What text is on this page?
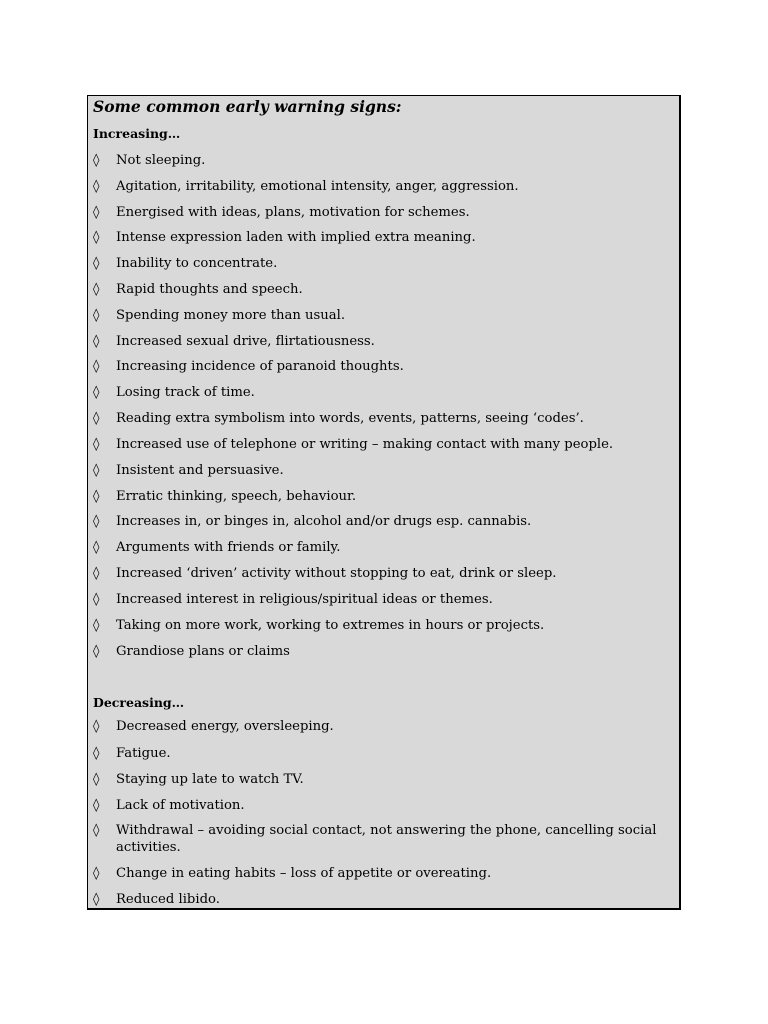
Some common early warning signs:
Increasing…
◊ Not sleeping.
◊ Agitation, irritability, emotional intensity, anger, aggression.
◊ Energised with ideas, plans, motivation for schemes.
◊ Intense expression laden with implied extra meaning.
◊ Inability to concentrate.
◊ Rapid thoughts and speech.
◊ Spending money more than usual.
◊ Increased sexual drive, flirtatiousness.
◊ Increasing incidence of paranoid thoughts.
◊ Losing track of time.
◊ Reading extra symbolism into words, events, patterns, seeing ‘codes’.
◊ Increased use of telephone or writing – making contact with many people.
◊ Insistent and persuasive.
◊ Erratic thinking, speech, behaviour.
◊ Increases in, or binges in, alcohol and/or drugs esp. cannabis.
◊ Arguments with friends or family.
◊ Increased ‘driven’ activity without stopping to eat, drink or sleep.
◊ Increased interest in religious/spiritual ideas or themes.
◊ Taking on more work, working to extremes in hours or projects.
◊ Grandiose plans or claims
Decreasing…
◊ Decreased energy, oversleeping.
◊ Fatigue.
◊ Staying up late to watch TV.
◊ Lack of motivation.
◊ Withdrawal – avoiding social contact, not answering the phone, cancelling social activities.
◊ Change in eating habits – loss of appetite or overeating.
◊ Reduced libido.
